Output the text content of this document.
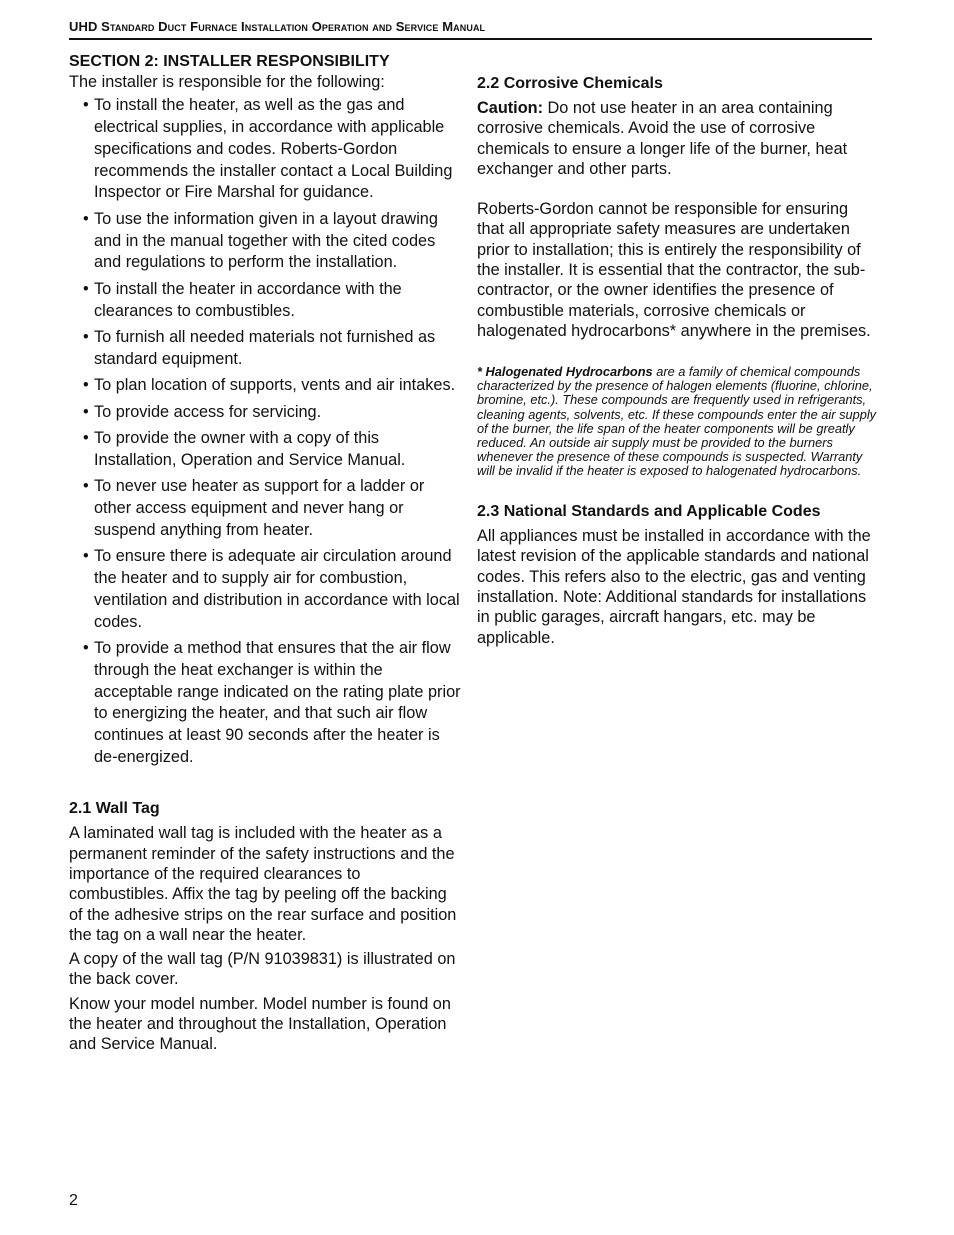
UHD Standard Duct Furnace Installation Operation and Service Manual
SECTION 2: INSTALLER RESPONSIBILITY

The installer is responsible for the following:

• To install the heater, as well as the gas and electrical supplies, in accordance with applicable specifications and codes. Roberts-Gordon recommends the installer contact a Local Building Inspector or Fire Marshal for guidance.
• To use the information given in a layout drawing and in the manual together with the cited codes and regulations to perform the installation.
• To install the heater in accordance with the clearances to combustibles.
• To furnish all needed materials not furnished as standard equipment.
• To plan location of supports, vents and air intakes.
• To provide access for servicing.
• To provide the owner with a copy of this Installation, Operation and Service Manual.
• To never use heater as support for a ladder or other access equipment and never hang or suspend anything from heater.
• To ensure there is adequate air circulation around the heater and to supply air for combustion, ventilation and distribution in accordance with local codes.
• To provide a method that ensures that the air flow through the heat exchanger is within the acceptable range indicated on the rating plate prior to energizing the heater, and that such air flow continues at least 90 seconds after the heater is de-energized.
2.1 Wall Tag

A laminated wall tag is included with the heater as a permanent reminder of the safety instructions and the importance of the required clearances to combustibles. Affix the tag by peeling off the backing of the adhesive strips on the rear surface and position the tag on a wall near the heater.

A copy of the wall tag (P/N 91039831) is illustrated on the back cover.

Know your model number. Model number is found on the heater and throughout the Installation, Operation and Service Manual.

2.2 Corrosive Chemicals

Caution: Do not use heater in an area containing corrosive chemicals. Avoid the use of corrosive chemicals to ensure a longer life of the burner, heat exchanger and other parts.

Roberts-Gordon cannot be responsible for ensuring that all appropriate safety measures are undertaken prior to installation; this is entirely the responsibility of the installer. It is essential that the contractor, the sub-contractor, or the owner identifies the presence of combustible materials, corrosive chemicals or halogenated hydrocarbons* anywhere in the premises.

* Halogenated Hydrocarbons are a family of chemical compounds characterized by the presence of halogen elements (fluorine, chlorine, bromine, etc.). These compounds are frequently used in refrigerants, cleaning agents, solvents, etc. If these compounds enter the air supply of the burner, the life span of the heater components will be greatly reduced. An outside air supply must be provided to the burners whenever the presence of these compounds is suspected. Warranty will be invalid if the heater is exposed to halogenated hydrocarbons.

2.3 National Standards and Applicable Codes

All appliances must be installed in accordance with the latest revision of the applicable standards and national codes. This refers also to the electric, gas and venting installation. Note: Additional standards for installations in public garages, aircraft hangars, etc. may be applicable.

2
